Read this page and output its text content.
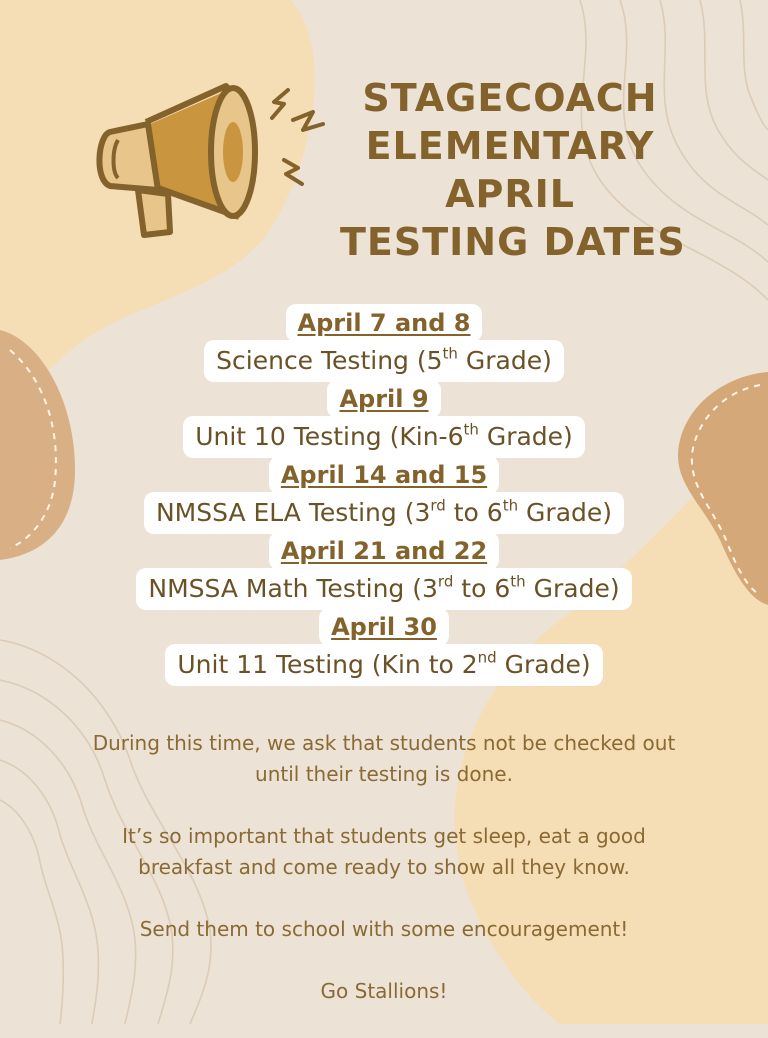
STAGECOACH
ELEMENTARY
APRIL
TESTING DATES
April 7 and 8
Science Testing (5th Grade)
April 9
Unit 10 Testing (Kin-6th Grade)
April 14 and 15
NMSSA ELA Testing (3rd to 6th Grade)
April 21 and 22
NMSSA Math Testing (3rd to 6th Grade)
April 30
Unit 11 Testing (Kin to 2nd Grade)

During this time, we ask that students not be checked out until their testing is done.

It’s so important that students get sleep, eat a good breakfast and come ready to show all they know.

Send them to school with some encouragement!

Go Stallions!
